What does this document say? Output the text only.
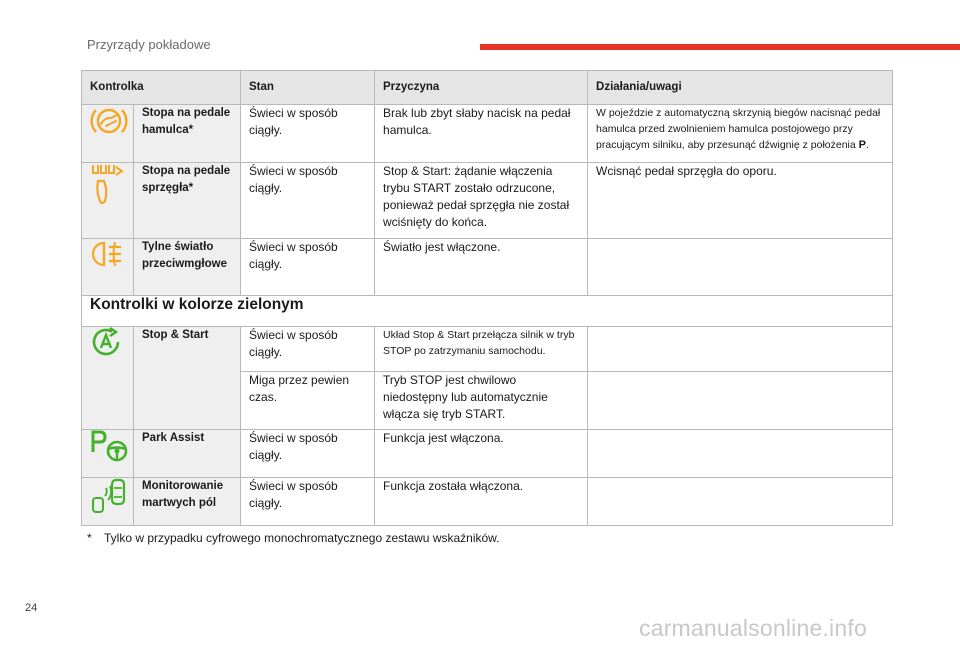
Przyrządy pokładowe
Kontrolka		Stan	Przyczyna	Działania/uwagi

	Stopa na pedale hamulca*	Świeci w sposób ciągły.	Brak lub zbyt słaby nacisk na pedał hamulca.	W pojeździe z automatyczną skrzynią biegów nacisnąć pedał hamulca przed zwolnieniem hamulca postojowego przy pracującym silniku, aby przesunąć dźwignię z położenia P.

	Stopa na pedale sprzęgła*	Świeci w sposób ciągły.	Stop & Start: żądanie włączenia trybu START zostało odrzucone, ponieważ pedał sprzęgła nie został wciśnięty do końca.	Wcisnąć pedał sprzęgła do oporu.

	Tylne światło przeciwmgłowe	Świeci w sposób ciągły.	Światło jest włączone.	
Kontrolki w kolorze zielonym				

	Stop & Start	Świeci w sposób ciągły.	Układ Stop & Start przełącza silnik w tryb STOP po zatrzymaniu samochodu.	
		Miga przez pewien czas.	Tryb STOP jest chwilowo niedostępny lub automatycznie włącza się tryb START.	

	Park Assist	Świeci w sposób ciągły.	Funkcja jest włączona.	

	Monitorowanie martwych pól	Świeci w sposób ciągły.	Funkcja została włączona.	
* Tylko w przypadku cyfrowego monochromatycznego zestawu wskaźników.
24
carmanualsonline.info
